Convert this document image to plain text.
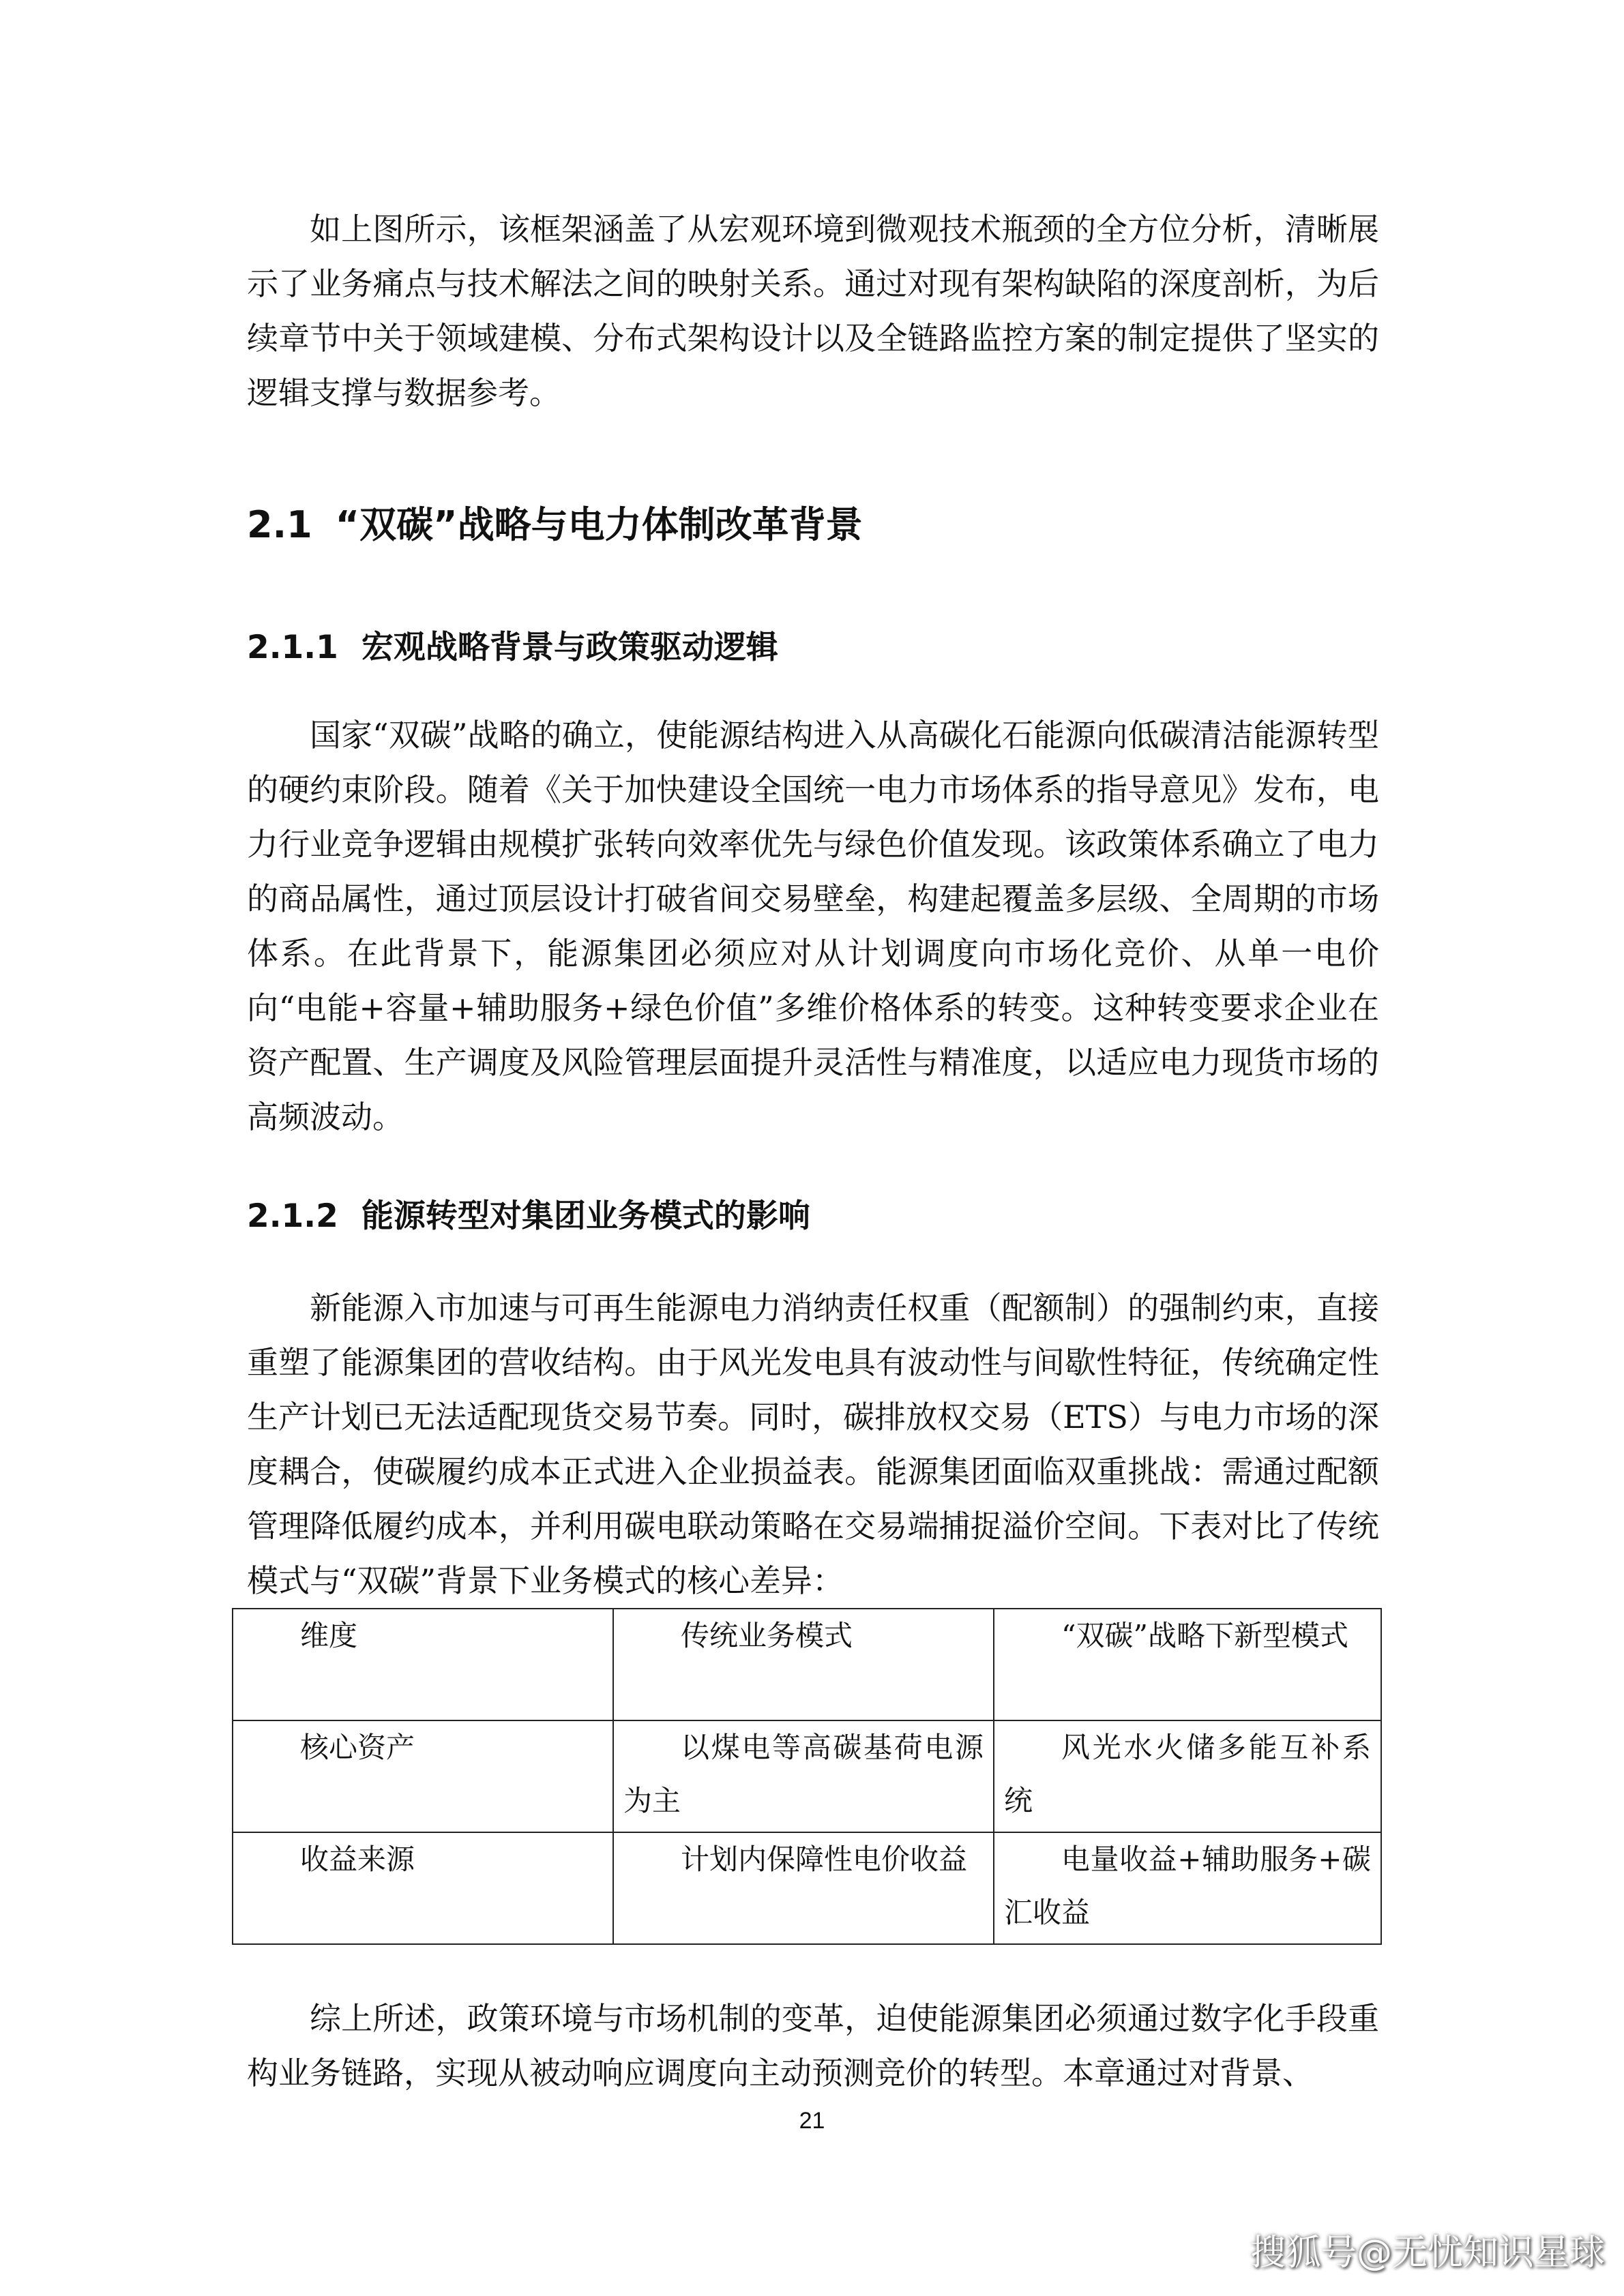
如上图所示，该框架涵盖了从宏观环境到微观技术瓶颈的全方位分析，清晰展示了业务痛点与技术解法之间的映射关系。通过对现有架构缺陷的深度剖析，为后续章节中关于领域建模、分布式架构设计以及全链路监控方案的制定提供了坚实的逻辑支撑与数据参考。

2.1 “双碳”战略与电力体制改革背景
2.1.1 宏观战略背景与政策驱动逻辑

国家“双碳”战略的确立，使能源结构进入从高碳化石能源向低碳清洁能源转型的硬约束阶段。随着《关于加快建设全国统一电力市场体系的指导意见》发布，电力行业竞争逻辑由规模扩张转向效率优先与绿色价值发现。该政策体系确立了电力的商品属性，通过顶层设计打破省间交易壁垒，构建起覆盖多层级、全周期的市场体系。在此背景下，能源集团必须应对从计划调度向市场化竞价、从单一电价向“电能+容量+辅助服务+绿色价值”多维价格体系的转变。这种转变要求企业在资产配置、生产调度及风险管理层面提升灵活性与精准度，以适应电力现货市场的高频波动。

2.1.2 能源转型对集团业务模式的影响

新能源入市加速与可再生能源电力消纳责任权重（配额制）的强制约束，直接重塑了能源集团的营收结构。由于风光发电具有波动性与间歇性特征，传统确定性生产计划已无法适配现货交易节奏。同时，碳排放权交易（ETS）与电力市场的深度耦合，使碳履约成本正式进入企业损益表。能源集团面临双重挑战：需通过配额管理降低履约成本，并利用碳电联动策略在交易端捕捉溢价空间。下表对比了传统模式与“双碳”背景下业务模式的核心差异：

维度	传统业务模式	“双碳”战略下新型模式

核心资产	以煤电等高碳基荷电源为主	风光水火储多能互补系统

收益来源	计划内保障性电价收益	电量收益+辅助服务+碳汇收益

综上所述，政策环境与市场机制的变革，迫使能源集团必须通过数字化手段重构业务链路，实现从被动响应调度向主动预测竞价的转型。本章通过对背景、

21
搜狐号@无忧知识星球
